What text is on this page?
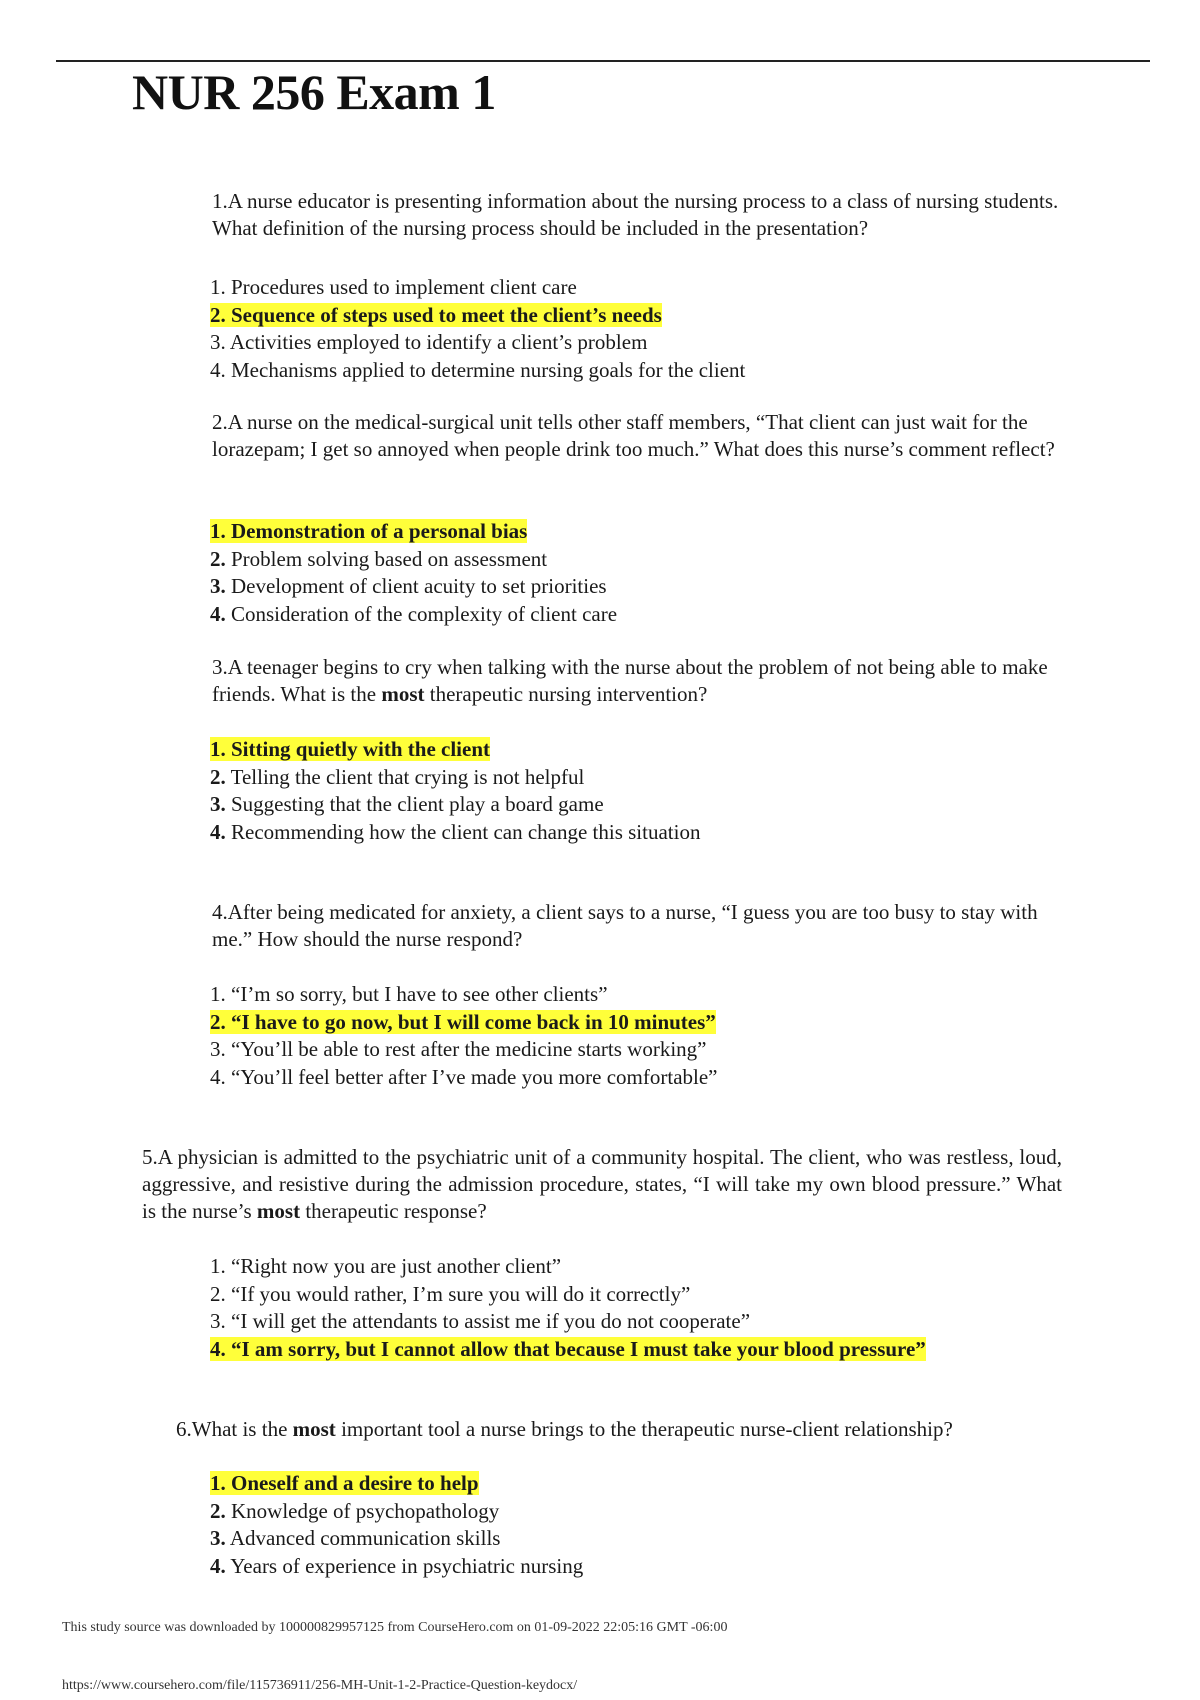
NUR 256 Exam 1

1.A nurse educator is presenting information about the nursing process to a class of nursing students. What definition of the nursing process should be included in the presentation?

1. Procedures used to implement client care
2. Sequence of steps used to meet the client’s needs
3. Activities employed to identify a client’s problem
4. Mechanisms applied to determine nursing goals for the client

2.A nurse on the medical-surgical unit tells other staff members, “That client can just wait for the lorazepam; I get so annoyed when people drink too much.” What does this nurse’s comment reflect?

1. Demonstration of a personal bias
2. Problem solving based on assessment
3. Development of client acuity to set priorities
4. Consideration of the complexity of client care

3.A teenager begins to cry when talking with the nurse about the problem of not being able to make friends. What is the most therapeutic nursing intervention?

1. Sitting quietly with the client
2. Telling the client that crying is not helpful
3. Suggesting that the client play a board game
4. Recommending how the client can change this situation

4.After being medicated for anxiety, a client says to a nurse, “I guess you are too busy to stay with me.” How should the nurse respond?

1. “I’m so sorry, but I have to see other clients”
2. “I have to go now, but I will come back in 10 minutes”
3. “You’ll be able to rest after the medicine starts working”
4. “You’ll feel better after I’ve made you more comfortable”

5.A physician is admitted to the psychiatric unit of a community hospital. The client, who was restless, loud, aggressive, and resistive during the admission procedure, states, “I will take my own blood pressure.” What is the nurse’s most therapeutic response?

1. “Right now you are just another client”
2. “If you would rather, I’m sure you will do it correctly”
3. “I will get the attendants to assist me if you do not cooperate”
4. “I am sorry, but I cannot allow that because I must take your blood pressure”

6.What is the most important tool a nurse brings to the therapeutic nurse-client relationship?

1. Oneself and a desire to help
2. Knowledge of psychopathology
3. Advanced communication skills
4. Years of experience in psychiatric nursing

This study source was downloaded by 100000829957125 from CourseHero.com on 01-09-2022 22:05:16 GMT -06:00

https://www.coursehero.com/file/115736911/256-MH-Unit-1-2-Practice-Question-keydocx/
